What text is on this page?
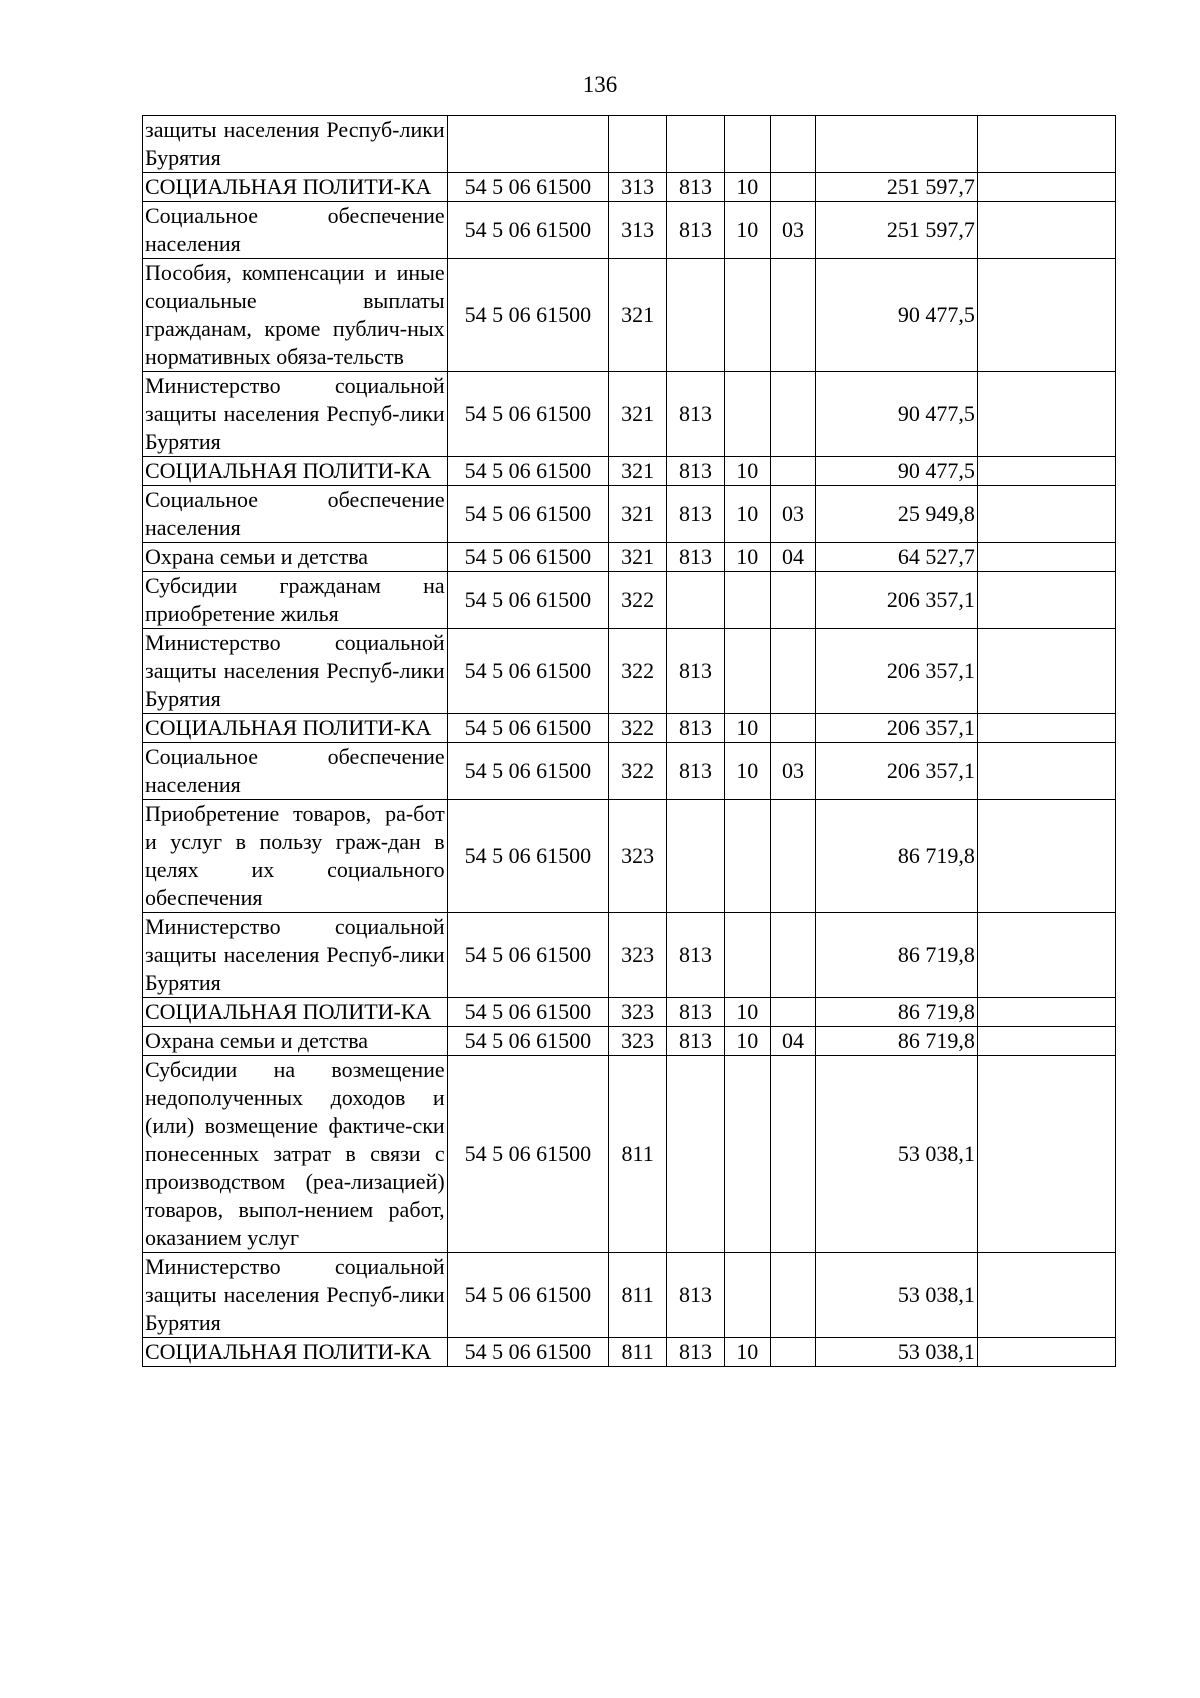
136
защиты населения Респуб-лики Бурятия							
СОЦИАЛЬНАЯ ПОЛИТИ-КА	54 5 06 61500	313	813	10		251 597,7	
Социальное обеспечение населения	54 5 06 61500	313	813	10	03	251 597,7	
Пособия, компенсации и иные социальные выплаты гражданам, кроме публич-ных нормативных обяза-тельств	54 5 06 61500	321				90 477,5	
Министерство социальной защиты населения Респуб-лики Бурятия	54 5 06 61500	321	813			90 477,5	
СОЦИАЛЬНАЯ ПОЛИТИ-КА	54 5 06 61500	321	813	10		90 477,5	
Социальное обеспечение населения	54 5 06 61500	321	813	10	03	25 949,8	
Охрана семьи и детства	54 5 06 61500	321	813	10	04	64 527,7	
Субсидии гражданам на приобретение жилья	54 5 06 61500	322				206 357,1	
Министерство социальной защиты населения Респуб-лики Бурятия	54 5 06 61500	322	813			206 357,1	
СОЦИАЛЬНАЯ ПОЛИТИ-КА	54 5 06 61500	322	813	10		206 357,1	
Социальное обеспечение населения	54 5 06 61500	322	813	10	03	206 357,1	
Приобретение товаров, ра-бот и услуг в пользу граж-дан в целях их социального обеспечения	54 5 06 61500	323				86 719,8	
Министерство социальной защиты населения Респуб-лики Бурятия	54 5 06 61500	323	813			86 719,8	
СОЦИАЛЬНАЯ ПОЛИТИ-КА	54 5 06 61500	323	813	10		86 719,8	
Охрана семьи и детства	54 5 06 61500	323	813	10	04	86 719,8	
Субсидии на возмещение недополученных доходов и (или) возмещение фактиче-ски понесенных затрат в связи с производством (реа-лизацией) товаров, выпол-нением работ, оказанием услуг	54 5 06 61500	811				53 038,1	
Министерство социальной защиты населения Респуб-лики Бурятия	54 5 06 61500	811	813			53 038,1	
СОЦИАЛЬНАЯ ПОЛИТИ-КА	54 5 06 61500	811	813	10		53 038,1	
